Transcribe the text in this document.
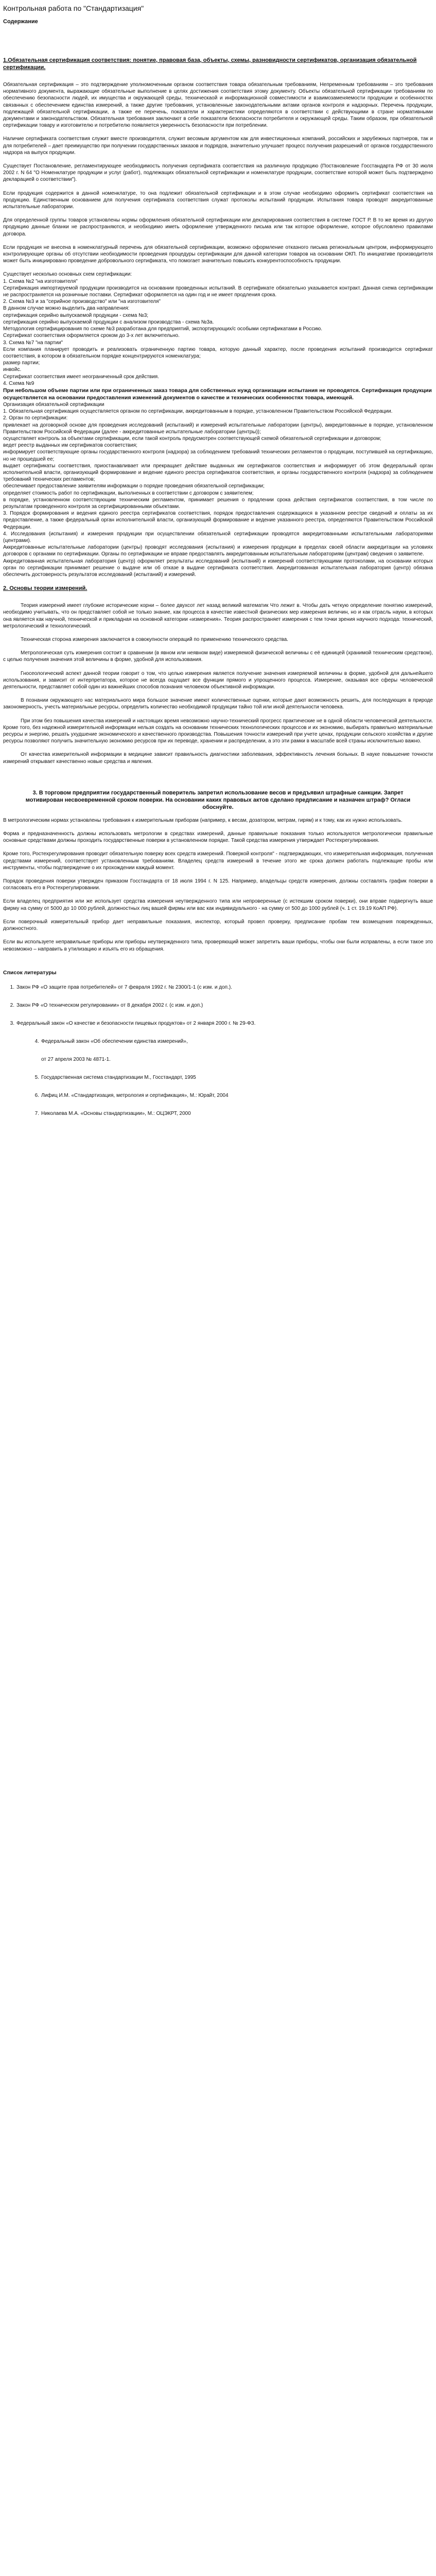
Контрольная работа по "Стандартизация"
Содержание
1.Обязательная сертификация соответствия: понятие, правовая база, объекты, схемы, разновидности сертификатов, организация обязательной сертификации.

Обязательная сертификация – это подтверждение уполномоченным органом соответствия товара обязательным требованиям, Непременным требованиям – это требования нормативного документа, выражающие обязательные выполнение в целях достижения соответствия этому документу. Объекты обязательной сертификации требованиям по обеспечению безопасности людей, их имущества и окружающей среды, техническаой и информационной совместимости и взаимозаменяемости продукции и особенностях связанных с обеспечением единства измерений, а также другие требования, установленные законодательными актами органов контроля и надзорных. Перечень продукции, подлежащей обязательной сертификации, а также ее перечень, показатели и характеристики определяются в соответствии с действующими в стране нормативными документами и законодательством. Обязательная требования заключают в себе показатели безопасности потребителя и окружающей среды. Таким образом, при обязательной сертификации товару и изготовителю и потребителю появляется уверенность безопасности при потреблении.

Наличие сертификата соответствия служит вместе производителя, служит весомым аргументом как для инвестиционных компаний, российских и зарубежных партнеров, так и для потребителей – дает преимущество при получении государственных заказов и подрядов, значительно улучшает процесс получения разрешений от органов государственного надзора на выпуск продукции.

Существует Постановление, регламентирующее необходимость получения сертификата соответствия на различную продукцию (Постановление Госстандарта РФ от 30 июля 2002 г. N 64 "О Номенклатуре продукции и услуг (работ), подлежащих обязательной сертификации и номенклатуре продукции, соответствие которой может быть подтверждено декларацией о соответствии").

Если продукция содержится в данной номенклатуре, то она подлежит обязательной сертификации и в этом случае необходимо оформить сертификат соответствия на продукцию. Единственным основанием для получения сертификата соответствия служат протоколы испытаний продукции. Испытания товара проводят аккредитованные испытательные лаборатории.

Для определенной группы товаров установлены нормы оформления обязательной сертификации или декларирования соответствия в системе ГОСТ Р. В то же время из другую продукцию данные бланки не распространяются, и необходимо иметь оформление утвержденного письма или так которое оформление, которое обусловлено правилами договора.

Если продукция не внесена в номенклатурный перечень для обязательной сертификации, возможно оформление отказного письма региональным центром, информирующего контролирующие органы об отсутствии необходимости проведения процедуры сертификации для данной категории товаров на основании ОКП. По инициативе производителя может быть инициировано проведение добровольного сертификата, что помогает значительно повысить конкурентоспособность продукции.

Существует несколько основных схем сертификации:

1. Схема №2 "на изготовителя"

Сертификация импортируемой продукции производится на основании проведенных испытаний. В сертификате обязательно указывается контракт. Данная схема сертификации не распространяется на розничные поставки. Сертификат оформляется на один год и не имеет продления срока.

2. Схема №3 и за "серийное производство" или "на изготовителя"

В данном случае можно выделить два направления:

сертификация серийно выпускаемой продукции - схема №3;

сертификация серийно выпускаемой продукции с анализом производства - схема №3а.

Методология сертифицирования по схеме №3 разработана для предприятий, экспортирующих/с особыми сертификатами в Россию.

Сертификат соответствия оформляется сроком до 3-х лет включительно.

3. Схема №7 "на партии"

Если компания планирует проводить и реализовать ограниченную партию товара, которую данный характер, после проведения испытаний производится сертификат соответствия, в котором в обязательном порядке концентрируются номенклатура;

размер партии;

инвойс.

Сертификат соответствия имеет неограниченный срок действия.

4. Схема №9

При небольшом объеме партии или при ограниченных заказ товара для собственных нужд организации испытания не проводятся. Сертификация продукции осуществляется на основании предоставления изменений документов о качестве и технических особенностях товара, имеющей.

Организация обязательной сертификации

1. Обязательная сертификация осуществляется органом по сертификации, аккредитованным в порядке, установленном Правительством Российской Федерации.

2. Орган по сертификации:

привлекает на договорной основе для проведения исследований (испытаний) и измерений испытательные лаборатории (центры), аккредитованные в порядке, установленном Правительством Российской Федерации (далее - аккредитованные испытательные лаборатории (центры));

осуществляет контроль за объектами сертификации, если такой контроль предусмотрен соответствующей схемой обязательной сертификации и договором;

ведет реестр выданных им сертификатов соответствия;

информирует соответствующие органы государственного контроля (надзора) за соблюдением требований технических регламентов о продукции, поступившей на сертификацию, но не прошедшей ее;

выдает сертификаты соответствия, приостанавливает или прекращает действие выданных им сертификатов соответствия и информирует об этом федеральный орган исполнительной власти, организующий формирование и ведение единого реестра сертификатов соответствия, и органы государственного контроля (надзора) за соблюдением требований технических регламентов;

обеспечивает предоставление заявителям информации о порядке проведения обязательной сертификации;

определяет стоимость работ по сертификации, выполненных в соответствии с договором с заявителем;

в порядке, установленном соответствующим техническим регламентом, принимает решения о продлении срока действия сертификатов соответствия, в том числе по результатам проведенного контроля за сертифицированными объектами.

3. Порядок формирования и ведения единого реестра сертификатов соответствия, порядок предоставления содержащихся в указанном реестре сведений и оплаты за их предоставление, а также федеральный орган исполнительной власти, организующий формирование и ведение указанного реестра, определяются Правительством Российской Федерации.

4. Исследования (испытания) и измерения продукции при осуществлении обязательной сертификации проводятся аккредитованными испытательными лабораториями (центрами).

Аккредитованные испытательные лаборатории (центры) проводят исследования (испытания) и измерения продукции в пределах своей области аккредитации на условиях договоров с органами по сертификации. Органы по сертификации не вправе предоставлять аккредитованным испытательным лабораториям (центрам) сведения о заявителе.

Аккредитованная испытательная лаборатория (центр) оформляет результаты исследований (испытаний) и измерений соответствующими протоколами, на основании которых орган по сертификации принимает решение о выдаче или об отказе в выдаче сертификата соответствия. Аккредитованная испытательная лаборатория (центр) обязана обеспечить достоверность результатов исследований (испытаний) и измерений.

2. Основы теории измерений.

Теория измерений имеет глубокие исторические корни – более двухсот лет назад великий математик Что лежит в. Чтобы дать четкую определение понятию измерений, необходимо учитывать, что он представляет собой не только знание, как процесса в качестве известной физических мер измерения величин, но и как отрасль науки, в которых она является как научной, технической и прикладная на основной категории «измерения». Теория распространяет измерения с тем точки зрения научного подхода: технический, метрологический и технологический.

Техническая сторона измерения заключается в совокупности операций по применению технического средства.

Метрологическая суть измерения состоит в сравнении (в явном или неявном виде) измеряемой физической величины с её единицей (хранимой техническим средством), с целью получения значения этой величины в форме, удобной для использования.

Гносеологический аспект данной теории говорит о том, что целью измерения является получение значения измеряемой величины в форме, удобной для дальнейшего использования, и зависит от интерпретатора, которое не всегда ощущает все функции прямого и упрощенного процесса. Измерение, оказывая все сферы человеческой деятельности, представляет собой один из важнейших способов познания человеком объективной информации.

В познании окружающего нас материального мира большое значение имеют количественные оценки, которые дают возможность решить, для последующих в природе закономерность, учесть материальные ресурсы, определить количество необходимой продукции тайно той или иной деятельности человека.

При этом без повышения качества измерений и настоящих время невозможно научно-технический прогресс практические не в одной области человеческой деятельности. Кроме того, без надежной измерительной информации нельзя создать на основании технических технологических процессов и их экономию, выбирать правильно материальные ресурсы и энергию, решать ухудшение экономического и качественного производства. Повышения точности измерений при учете ценах, продукции сельского хозяйства и другие ресурсы позволяют получить значительную экономию ресурсов при их переводе, хранении и распределении, а это эти рамки в масштабе всей страны исключительно важно.

От качества измерительной информации в медицине зависит правильность диагностики заболевания, эффективность лечения больных. В науке повышение точности измерений открывает качественно новые средства и явления.

3. В торговом предприятии государственный поверитель запретил использование весов и предъявил штрафные санкции. Запрет мотивирован несвоевременной сроком поверки. На основании каких правовых актов сделано предписание и назначен штраф? Огласи обоснуйте.

В метрологическим нормах установлены требования к измерительным приборам (например, к весам, дозатором, метрам, гирям) и к тому, как их нужно использовать.

Форма и предназначенность должны использовать метрологии в средствах измерений, данные правильные показания только используются метрологически правильные основные средствами должны проходить государственные поверки в установленном порядке. Такой средства измерения утверждает Ростехрегулирования.

Кроме того, Ростехрегулирования проводит обязательную поверку всех средств измерений. Поверкой контроля" - подтверждающих, что измерительная информация, полученная средствами измерений, соответствует установленным требованиям. Владелец средств измерений в течение этого же срока должен работать подлежащие пробы или инструменты, чтобы подтверждение о их прохождении каждый момент.

Порядок проведения поверки утвержден приказом Госстандарта от 18 июля 1994 г. N 125. Например, владельцы средств измерения, должны составлять график поверки в согласовать его в Ростехрегулировании.

Если владелец предприятия или же использует средства измерения неутвержденного типа или непроверенные (с истекшим сроком поверки), они вправе подвергнуть ваше фирму на сумму от 5000 до 10 000 рублей, должностных лиц вашей фирмы или вас как индивидуального - на сумму от 500 до 1000 рублей (ч. 1 ст. 19.19 КоАП РФ).

Если поверочный измерительный прибор дает неправильные показания, инспектор, который провел проверку, предписание пробам тем возмещения поврежденных, должностного.

Если вы используете неправильные приборы или приборы неутвержденного типа, проверяющий может запретить ваши приборы, чтобы они были исправлены, а если такое это невозможно – направить в утилизацию и изъять его из обращения.

Список литературы
1. Закон РФ «О защите прав потребителей» от 7 февраля 1992 г. № 2300/1-1 (с изм. и доп.).
2. Закон РФ «О техническом регулировании» от 8 декабря 2002 г. (с изм. и доп.)
3. Федеральный закон «О качестве и безопасности пищевых продуктов» от 2 января 2000 г. № 29-ФЗ.
4. Федеральный закон «Об обеспечении единства измерений»,
от 27 апреля 2003 № 4871-1.
5. Государственная система стандартизации М., Госстандарт, 1995
6. Лифиц И.М. «Стандартизация, метрология и сертификация», М.: Юрайт, 2004
7. Николаева М.А. «Основы стандартизации», М.: ОЦЭКРТ, 2000
